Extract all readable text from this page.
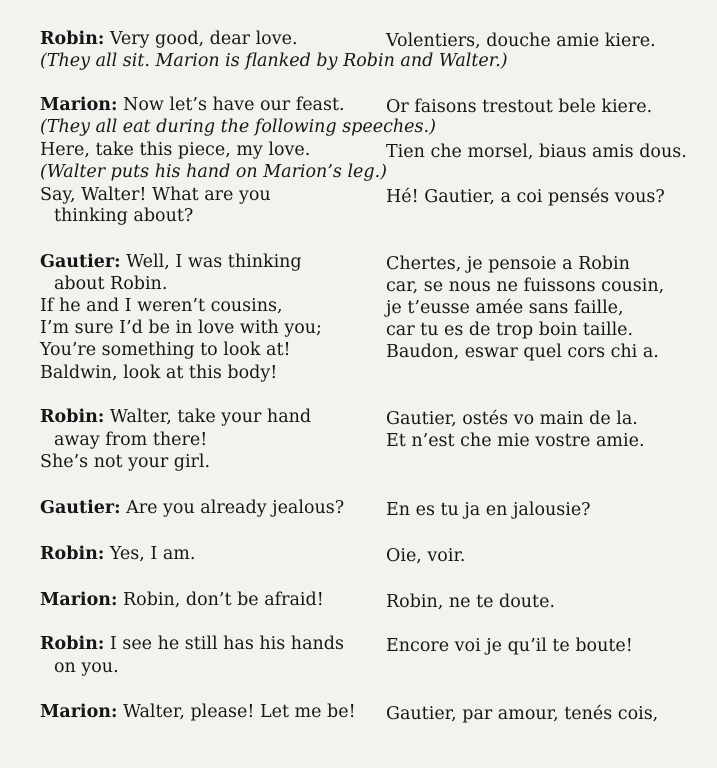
Robin: Very good, dear love.
(They all sit. Marion is flanked by Robin and Walter.)
Volentiers, douche amie kiere.
Marion: Now let’s have our feast.
(They all eat during the following speeches.)
Here, take this piece, my love.
(Walter puts his hand on Marion’s leg.)
Say, Walter! What are you
thinking about?
Or faisons trestout bele kiere.
Tien che morsel, biaus amis dous.
Hé! Gautier, a coi pensés vous?
Gautier: Well, I was thinking
about Robin.
If he and I weren’t cousins,
I’m sure I’d be in love with you;
You’re something to look at!
Baldwin, look at this body!
Chertes, je pensoie a Robin
car, se nous ne fuissons cousin,
je t’eusse amée sans faille,
car tu es de trop boin taille.
Baudon, eswar quel cors chi a.
Robin: Walter, take your hand
away from there!
She’s not your girl.
Gautier, ostés vo main de la.
Et n’est che mie vostre amie.
Gautier: Are you already jealous? En es tu ja en jalousie?
Robin: Yes, I am.	Oie, voir.
Marion: Robin, don’t be afraid!	Robin, ne te doute.
Robin: I see he still has his hands
on you.
Encore voi je qu’il te boute!
Marion: Walter, please! Let me be! Gautier, par amour, tenés cois,
